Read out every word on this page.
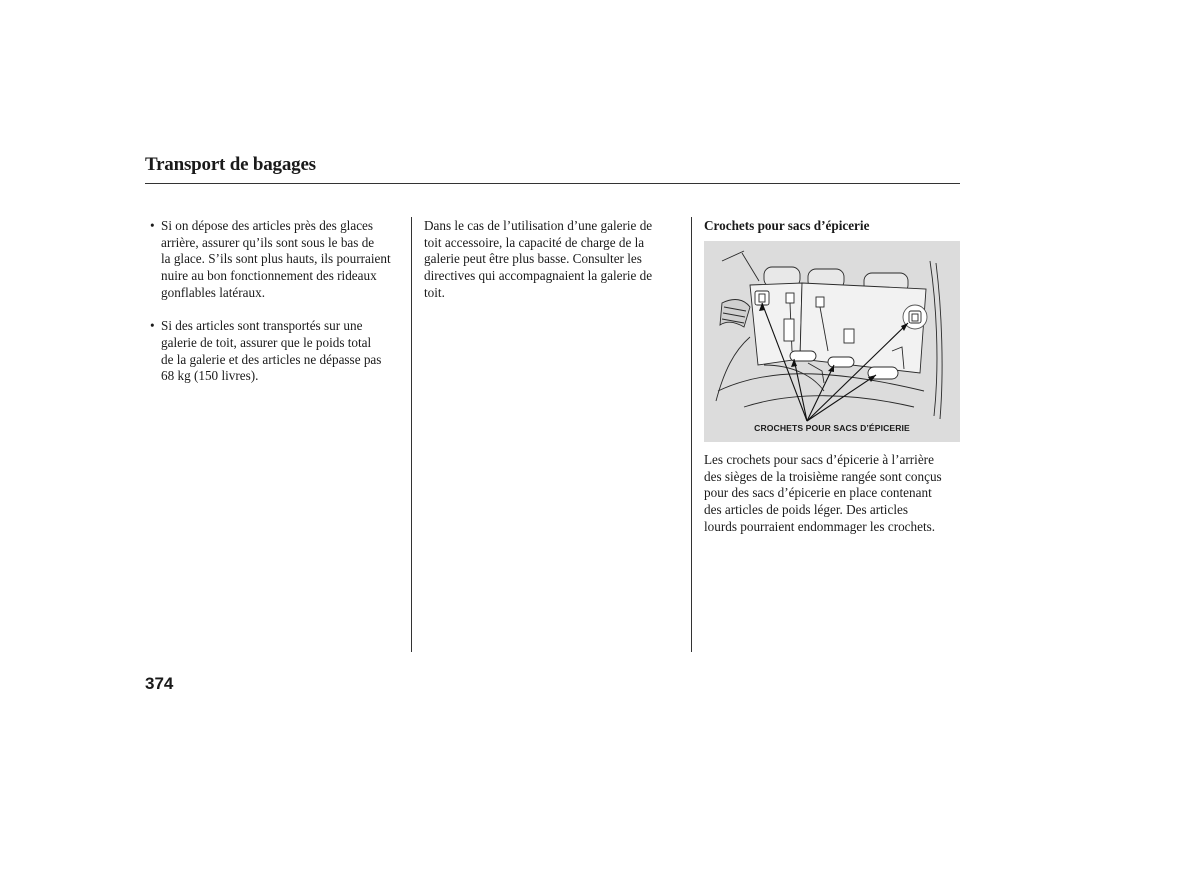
Transport de bagages
• Si on dépose des articles près des glaces
arrière, assurer qu’ils sont sous le bas de
la glace. S’ils sont plus hauts, ils pourraient
nuire au bon fonctionnement des rideaux
gonflables latéraux.
• Si des articles sont transportés sur une
galerie de toit, assurer que le poids total
de la galerie et des articles ne dépasse pas
68 kg (150 livres).
Dans le cas de l’utilisation d’une galerie de
toit accessoire, la capacité de charge de la
galerie peut être plus basse. Consulter les
directives qui accompagnaient la galerie de
toit.
Crochets pour sacs d’épicerie
CROCHETS POUR SACS D’ÉPICERIE
Les crochets pour sacs d’épicerie à l’arrière
des sièges de la troisième rangée sont conçus
pour des sacs d’épicerie en place contenant
des articles de poids léger. Des articles
lourds pourraient endommager les crochets.
374
